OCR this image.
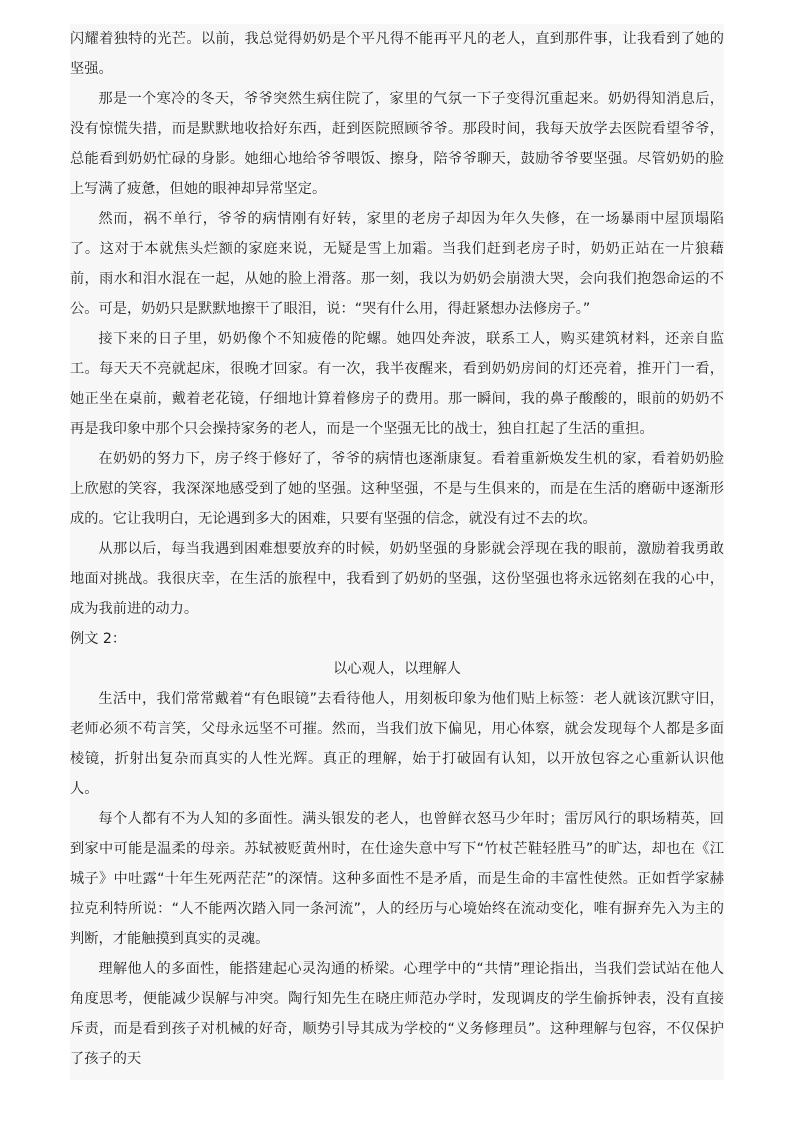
闪耀着独特的光芒。以前，我总觉得奶奶是个平凡得不能再平凡的老人，直到那件事，让我看到了她的坚强。

那是一个寒冷的冬天，爷爷突然生病住院了，家里的气氛一下子变得沉重起来。奶奶得知消息后，没有惊慌失措，而是默默地收拾好东西，赶到医院照顾爷爷。那段时间，我每天放学去医院看望爷爷，总能看到奶奶忙碌的身影。她细心地给爷爷喂饭、擦身，陪爷爷聊天，鼓励爷爷要坚强。尽管奶奶的脸上写满了疲惫，但她的眼神却异常坚定。

然而，祸不单行，爷爷的病情刚有好转，家里的老房子却因为年久失修，在一场暴雨中屋顶塌陷了。这对于本就焦头烂额的家庭来说，无疑是雪上加霜。当我们赶到老房子时，奶奶正站在一片狼藉前，雨水和泪水混在一起，从她的脸上滑落。那一刻，我以为奶奶会崩溃大哭，会向我们抱怨命运的不公。可是，奶奶只是默默地擦干了眼泪，说：“哭有什么用，得赶紧想办法修房子。”

接下来的日子里，奶奶像个不知疲倦的陀螺。她四处奔波，联系工人，购买建筑材料，还亲自监工。每天天不亮就起床，很晚才回家。有一次，我半夜醒来，看到奶奶房间的灯还亮着，推开门一看，她正坐在桌前，戴着老花镜，仔细地计算着修房子的费用。那一瞬间，我的鼻子酸酸的，眼前的奶奶不再是我印象中那个只会操持家务的老人，而是一个坚强无比的战士，独自扛起了生活的重担。

在奶奶的努力下，房子终于修好了，爷爷的病情也逐渐康复。看着重新焕发生机的家，看着奶奶脸上欣慰的笑容，我深深地感受到了她的坚强。这种坚强，不是与生俱来的，而是在生活的磨砺中逐渐形成的。它让我明白，无论遇到多大的困难，只要有坚强的信念，就没有过不去的坎。

从那以后，每当我遇到困难想要放弃的时候，奶奶坚强的身影就会浮现在我的眼前，激励着我勇敢地面对挑战。我很庆幸，在生活的旅程中，我看到了奶奶的坚强，这份坚强也将永远铭刻在我的心中，成为我前进的动力。

例文 2：

以心观人，以理解人

生活中，我们常常戴着“有色眼镜”去看待他人，用刻板印象为他们贴上标签：老人就该沉默守旧，老师必须不苟言笑，父母永远坚不可摧。然而，当我们放下偏见，用心体察，就会发现每个人都是多面棱镜，折射出复杂而真实的人性光辉。真正的理解，始于打破固有认知，以开放包容之心重新认识他人。

每个人都有不为人知的多面性。满头银发的老人，也曾鲜衣怒马少年时；雷厉风行的职场精英，回到家中可能是温柔的母亲。苏轼被贬黄州时，在仕途失意中写下“竹杖芒鞋轻胜马”的旷达，却也在《江城子》中吐露“十年生死两茫茫”的深情。这种多面性不是矛盾，而是生命的丰富性使然。正如哲学家赫拉克利特所说：“人不能两次踏入同一条河流”，人的经历与心境始终在流动变化，唯有摒弃先入为主的判断，才能触摸到真实的灵魂。

理解他人的多面性，能搭建起心灵沟通的桥梁。心理学中的“共情”理论指出，当我们尝试站在他人角度思考，便能减少误解与冲突。陶行知先生在晓庄师范办学时，发现调皮的学生偷拆钟表，没有直接斥责，而是看到孩子对机械的好奇，顺势引导其成为学校的“义务修理员”。这种理解与包容，不仅保护了孩子的天
